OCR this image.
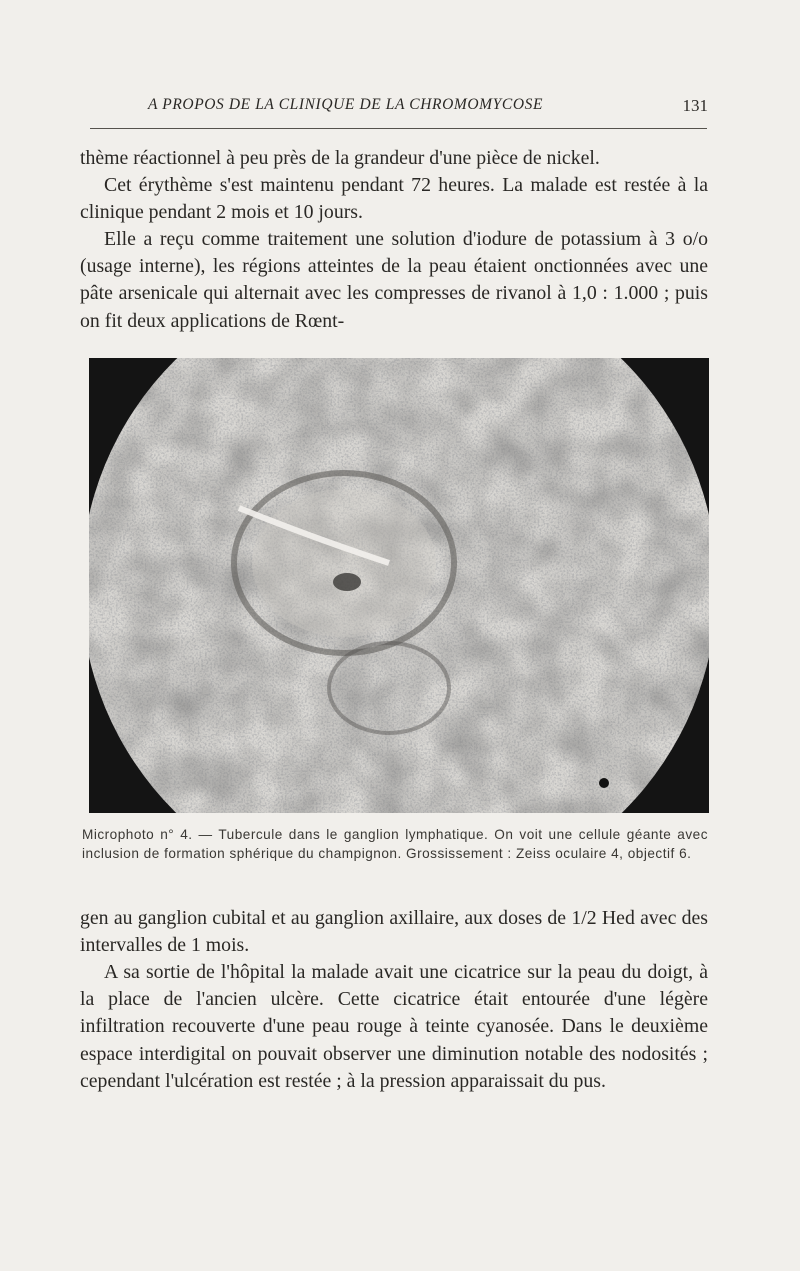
A PROPOS DE LA CLINIQUE DE LA CHROMOMYCOSE	131

thème réactionnel à peu près de la grandeur d'une pièce de nickel.

Cet érythème s'est maintenu pendant 72 heures. La malade est restée à la clinique pendant 2 mois et 10 jours.

Elle a reçu comme traitement une solution d'iodure de potassium à 3 o/o (usage interne), les régions atteintes de la peau étaient onctionnées avec une pâte arsenicale qui alternait avec les compresses de rivanol à 1,0 : 1.000 ; puis on fit deux applications de Rœnt-

Microphoto n° 4. — Tubercule dans le ganglion lymphatique. On voit une cellule géante avec inclusion de formation sphérique du champignon. Grossissement : Zeiss oculaire 4, objectif 6.

gen au ganglion cubital et au ganglion axillaire, aux doses de 1/2 Hed avec des intervalles de 1 mois.

A sa sortie de l'hôpital la malade avait une cicatrice sur la peau du doigt, à la place de l'ancien ulcère. Cette cicatrice était entourée d'une légère infiltration recouverte d'une peau rouge à teinte cyanosée. Dans le deuxième espace interdigital on pouvait observer une diminution notable des nodosités ; cependant l'ulcération est restée ; à la pression apparaissait du pus.
